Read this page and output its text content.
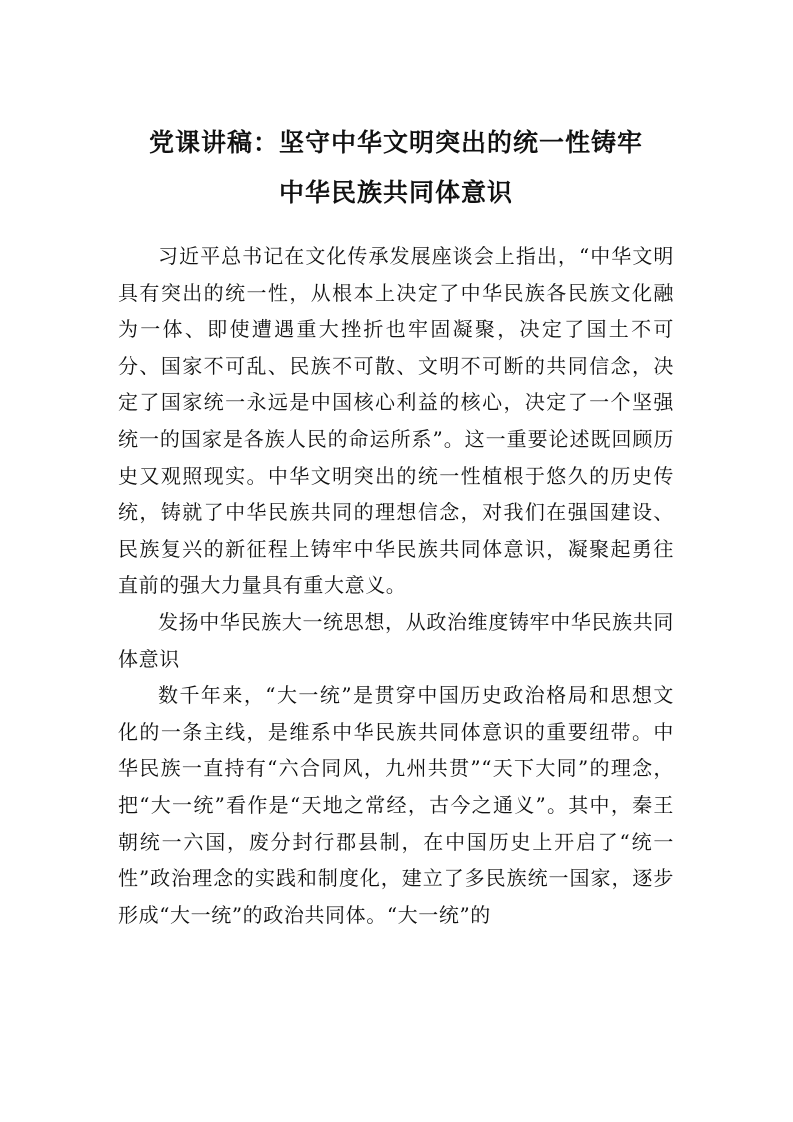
党课讲稿：坚守中华文明突出的统一性铸牢
中华民族共同体意识

习近平总书记在文化传承发展座谈会上指出，“中华文明具有突出的统一性，从根本上决定了中华民族各民族文化融为一体、即使遭遇重大挫折也牢固凝聚，决定了国土不可分、国家不可乱、民族不可散、文明不可断的共同信念，决定了国家统一永远是中国核心利益的核心，决定了一个坚强统一的国家是各族人民的命运所系”。这一重要论述既回顾历史又观照现实。中华文明突出的统一性植根于悠久的历史传统，铸就了中华民族共同的理想信念，对我们在强国建设、民族复兴的新征程上铸牢中华民族共同体意识，凝聚起勇往直前的强大力量具有重大意义。

发扬中华民族大一统思想，从政治维度铸牢中华民族共同体意识

数千年来，“大一统”是贯穿中国历史政治格局和思想文化的一条主线，是维系中华民族共同体意识的重要纽带。中华民族一直持有“六合同风，九州共贯”“天下大同”的理念，把“大一统”看作是“天地之常经，古今之通义”。其中，秦王朝统一六国，废分封行郡县制，在中国历史上开启了“统一性”政治理念的实践和制度化，建立了多民族统一国家，逐步形成“大一统”的政治共同体。“大一统”的
